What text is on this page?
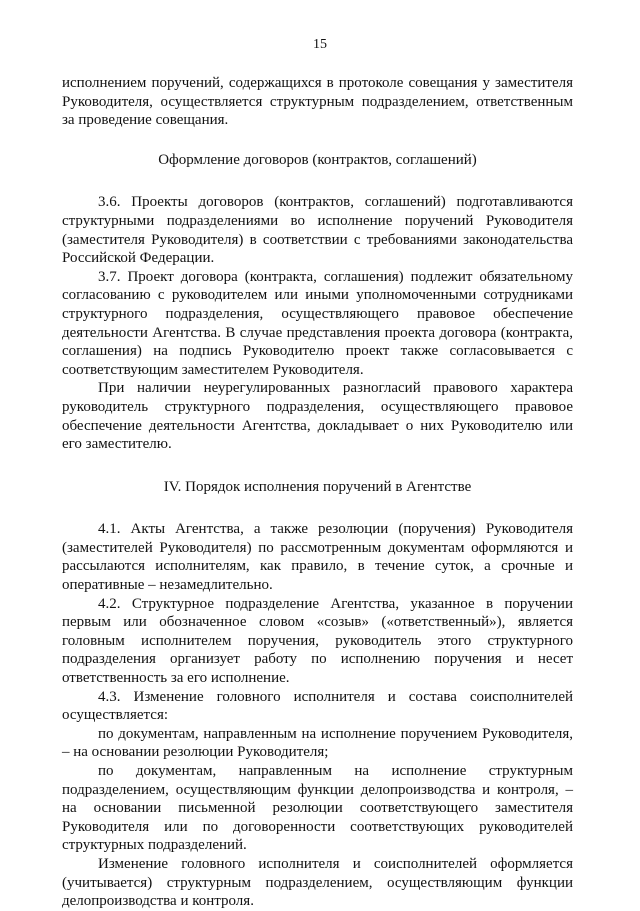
15

исполнением поручений, содержащихся в протоколе совещания у заместителя Руководителя, осуществляется структурным подразделением, ответственным за проведение совещания.

Оформление договоров (контрактов, соглашений)

3.6. Проекты договоров (контрактов, соглашений) подготавливаются структурными подразделениями во исполнение поручений Руководителя (заместителя Руководителя) в соответствии с требованиями законодательства Российской Федерации.

3.7. Проект договора (контракта, соглашения) подлежит обязательному согласованию с руководителем или иными уполномоченными сотрудниками структурного подразделения, осуществляющего правовое обеспечение деятельности Агентства. В случае представления проекта договора (контракта, соглашения) на подпись Руководителю проект также согласовывается с соответствующим заместителем Руководителя.

При наличии неурегулированных разногласий правового характера руководитель структурного подразделения, осуществляющего правовое обеспечение деятельности Агентства, докладывает о них Руководителю или его заместителю.

IV. Порядок исполнения поручений в Агентстве

4.1. Акты Агентства, а также резолюции (поручения) Руководителя (заместителей Руководителя) по рассмотренным документам оформляются и рассылаются исполнителям, как правило, в течение суток, а срочные и оперативные – незамедлительно.

4.2. Структурное подразделение Агентства, указанное в поручении первым или обозначенное словом «созыв» («ответственный»), является головным исполнителем поручения, руководитель этого структурного подразделения организует работу по исполнению поручения и несет ответственность за его исполнение.

4.3. Изменение головного исполнителя и состава соисполнителей осуществляется:

по документам, направленным на исполнение поручением Руководителя, – на основании резолюции Руководителя;

по документам, направленным на исполнение структурным подразделением, осуществляющим функции делопроизводства и контроля, – на основании письменной резолюции соответствующего заместителя Руководителя или по договоренности соответствующих руководителей структурных подразделений.

Изменение головного исполнителя и соисполнителей оформляется (учитывается) структурным подразделением, осуществляющим функции делопроизводства и контроля.
